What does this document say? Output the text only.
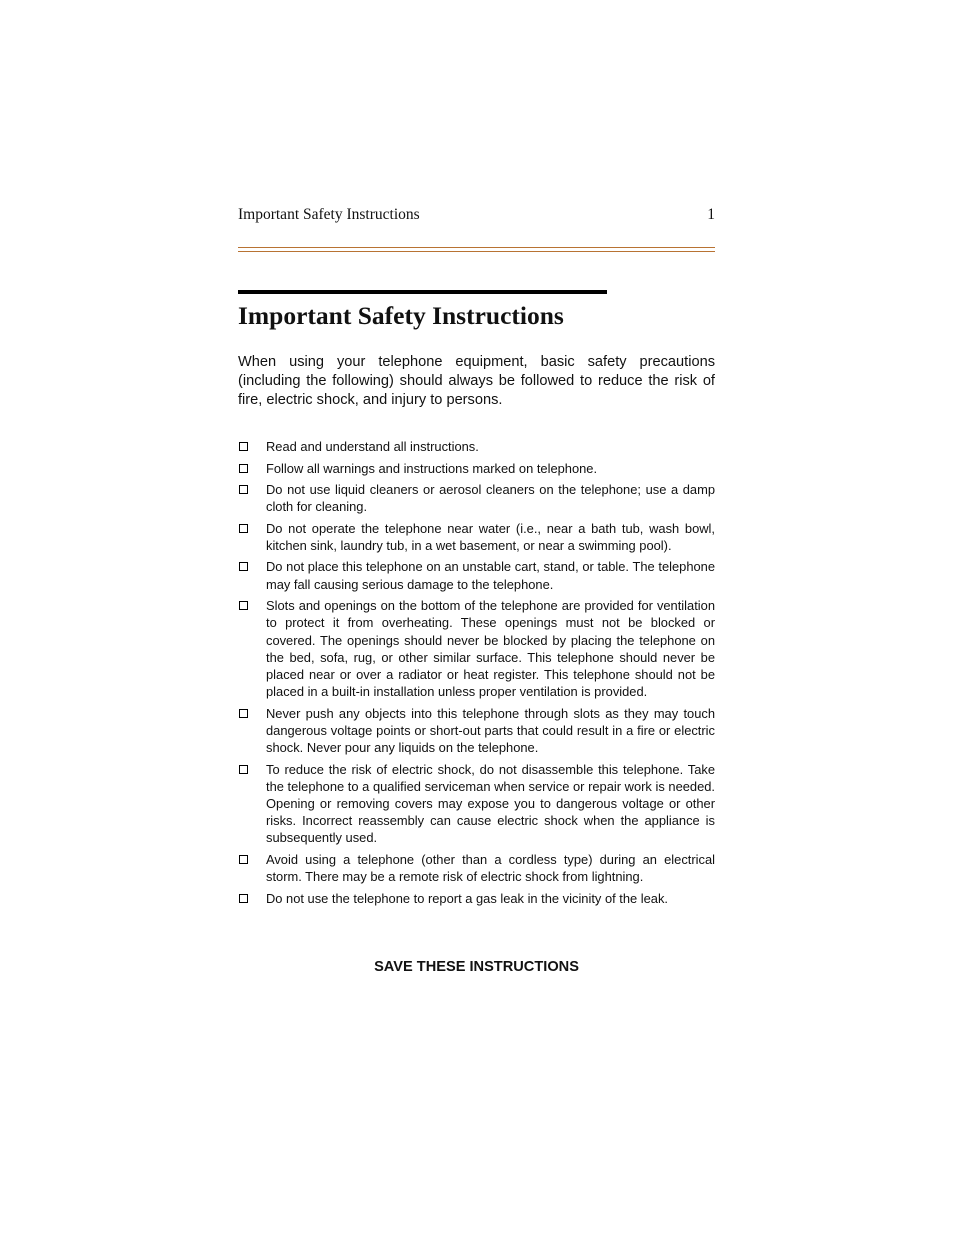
Important Safety Instructions	1
Important Safety Instructions

When using your telephone equipment, basic safety precautions (including the following) should always be followed to reduce the risk of fire, electric shock, and injury to persons.

Read and understand all instructions.
Follow all warnings and instructions marked on telephone.
Do not use liquid cleaners or aerosol cleaners on the telephone; use a damp cloth for cleaning.
Do not operate the telephone near water (i.e., near a bath tub, wash bowl, kitchen sink, laundry tub, in a wet basement, or near a swimming pool).
Do not place this telephone on an unstable cart, stand, or table. The telephone may fall causing serious damage to the telephone.
Slots and openings on the bottom of the telephone are provided for ventilation to protect it from overheating. These openings must not be blocked or covered. The openings should never be blocked by placing the telephone on the bed, sofa, rug, or other similar surface. This telephone should never be placed near or over a radiator or heat register. This telephone should not be placed in a built-in installation unless proper ventilation is provided.
Never push any objects into this telephone through slots as they may touch dangerous voltage points or short-out parts that could result in a fire or electric shock. Never pour any liquids on the telephone.
To reduce the risk of electric shock, do not disassemble this telephone. Take the telephone to a qualified serviceman when service or repair work is needed. Opening or removing covers may expose you to dangerous voltage or other risks. Incorrect reassembly can cause electric shock when the appliance is subsequently used.
Avoid using a telephone (other than a cordless type) during an electrical storm. There may be a remote risk of electric shock from lightning.
Do not use the telephone to report a gas leak in the vicinity of the leak.

SAVE THESE INSTRUCTIONS
